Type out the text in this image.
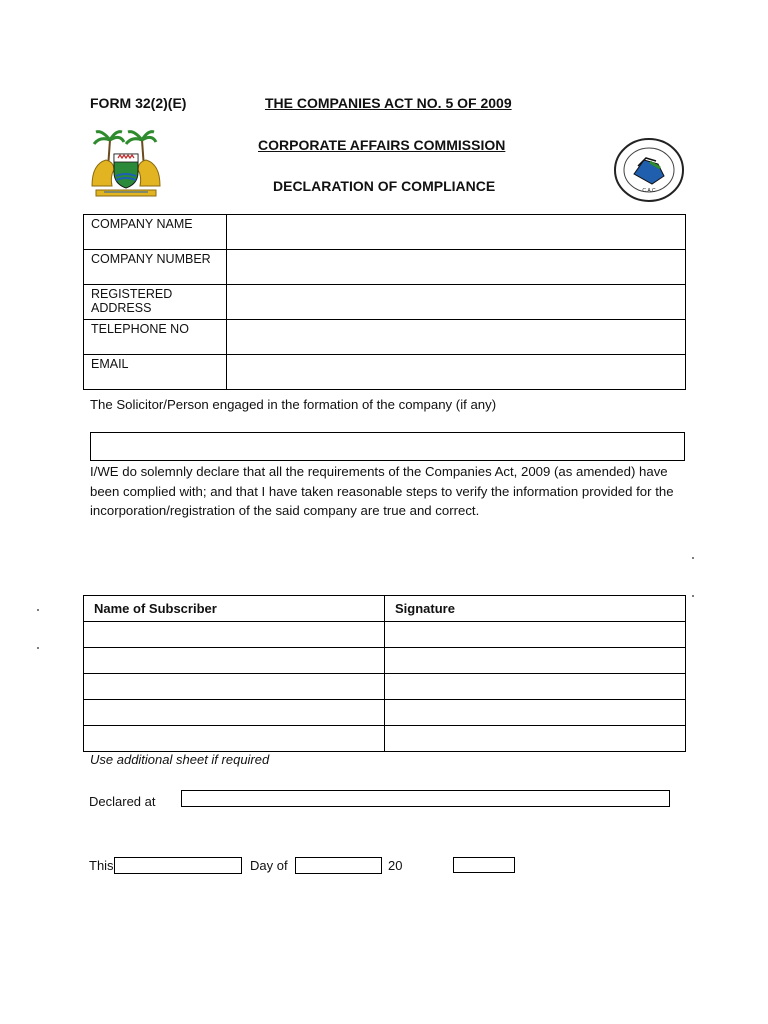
FORM 32(2)(E)	THE COMPANIES ACT NO. 5 OF 2009
CORPORATE AFFAIRS COMMISSION
DECLARATION OF COMPLIANCE	C.A.C
COMPANY NAME	
COMPANY NUMBER	
REGISTERED ADDRESS	
TELEPHONE NO	
EMAIL	
The Solicitor/Person engaged in the formation of the company (if any)
I/WE do solemnly declare that all the requirements of the Companies Act, 2009 (as amended) have been complied with; and that I have taken reasonable steps to verify the information provided for the incorporation/registration of the said company are true and correct.
Name of Subscriber	Signature

Use additional sheet if required
Declared at
This	Day of	20
